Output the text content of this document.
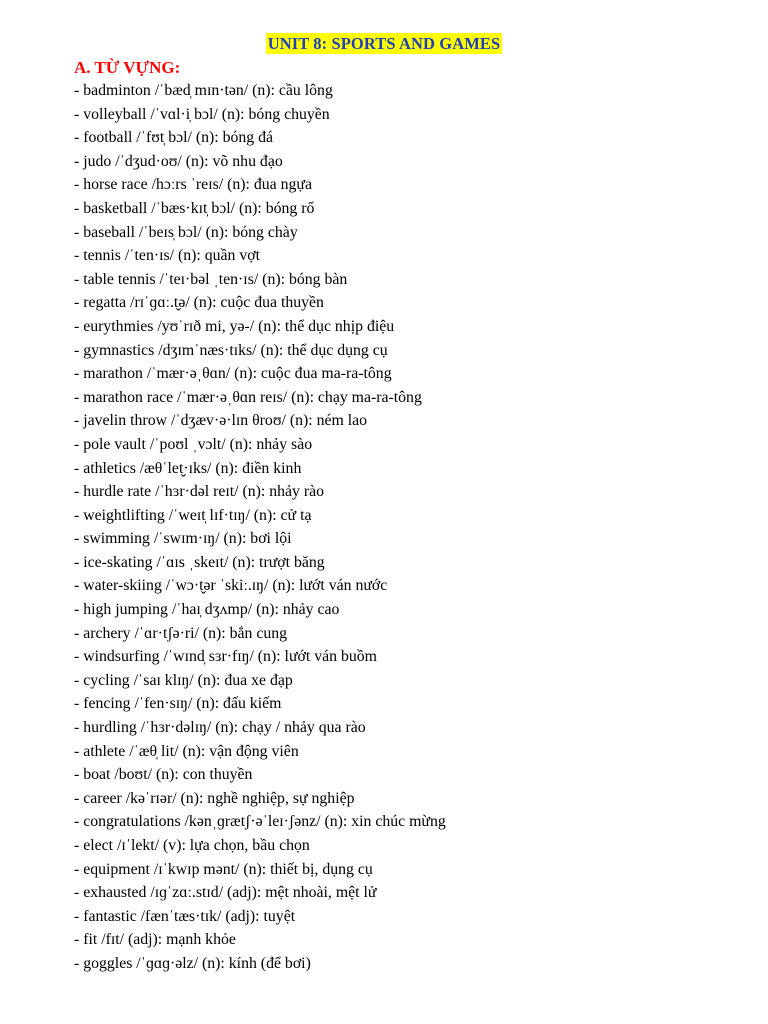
UNIT 8: SPORTS AND GAMES
A. TỪ VỰNG:
- badminton /ˈbæd̩ mɪn·tən/ (n): cầu lông
- volleyball /ˈvɑl·i̩ bɔl/ (n): bóng chuyền
- football /ˈfʊt̩ bɔl/ (n): bóng đá
- judo /ˈdʒud·oʊ/ (n): võ nhu đạo
- horse race /hɔːrs ˈreɪs/ (n): đua ngựa
- basketball /ˈbæs·kɪt̩ bɔl/ (n): bóng rổ
- baseball /ˈbeɪs̩ bɔl/ (n): bóng chày
- tennis /ˈten·ɪs/ (n): quần vợt
- table tennis /ˈteɪ·bəl ˌten·ɪs/ (n): bóng bàn
- regatta /rɪˈɡɑː.t̬ə/ (n): cuộc đua thuyền
- eurythmies /yʊˈrɪð mi, yə-/ (n): thể dục nhịp điệu
- gymnastics /dʒɪmˈnæs·tɪks/ (n): thể dục dụng cụ
- marathon /ˈmær·əˌθɑn/ (n): cuộc đua ma-ra-tông
- marathon race /ˈmær·əˌθɑn reɪs/ (n): chạy ma-ra-tông
- javelin throw /ˈdʒæv·ə·lɪn θroʊ/ (n): ném lao
- pole vault /ˈpoʊl ˌvɔlt/ (n): nhảy sào
- athletics /æθˈlet̬·ɪks/ (n): điền kinh
- hurdle rate /ˈhɜr·dəl reɪt/ (n): nhảy rào
- weightlifting /ˈweɪt̩ lɪf·tɪŋ/ (n): cử tạ
- swimming /ˈswɪm·ɪŋ/ (n): bơi lội
- ice-skating /ˈɑɪs ˌskeɪt/ (n): trượt băng
- water-skiing /ˈwɔ·t̬ər ˈskiː.ɪŋ/ (n): lướt ván nước
- high jumping /ˈhaɪ̩ dʒʌmp/ (n): nhảy cao
- archery /ˈɑr·tʃə·ri/ (n): bắn cung
- windsurfing /ˈwɪnd̩ sɜr·fɪŋ/ (n): lướt ván buồm
- cycling /ˈsaɪ klɪŋ/ (n): đua xe đạp
- fencing /ˈfen·sɪŋ/ (n): đấu kiếm
- hurdling /ˈhɜr·dəlɪŋ/ (n): chạy / nhảy qua rào
- athlete /ˈæθ̩ lit/ (n): vận động viên
- boat /boʊt/ (n): con thuyền
- career /kəˈrɪər/ (n): nghề nghiệp, sự nghiệp
- congratulations /kənˌɡrætʃ·əˈleɪ·ʃənz/ (n): xin chúc mừng
- elect /ɪˈlekt/ (v): lựa chọn, bầu chọn
- equipment /ɪˈkwɪp mənt/ (n): thiết bị, dụng cụ
- exhausted /ɪɡˈzɑː.stɪd/ (adj): mệt nhoài, mệt lử
- fantastic /fænˈtæs·tɪk/ (adj): tuyệt
- fit /fɪt/ (adj): mạnh khỏe
- goggles /ˈɡɑɡ·əlz/ (n): kính (để bơi)
